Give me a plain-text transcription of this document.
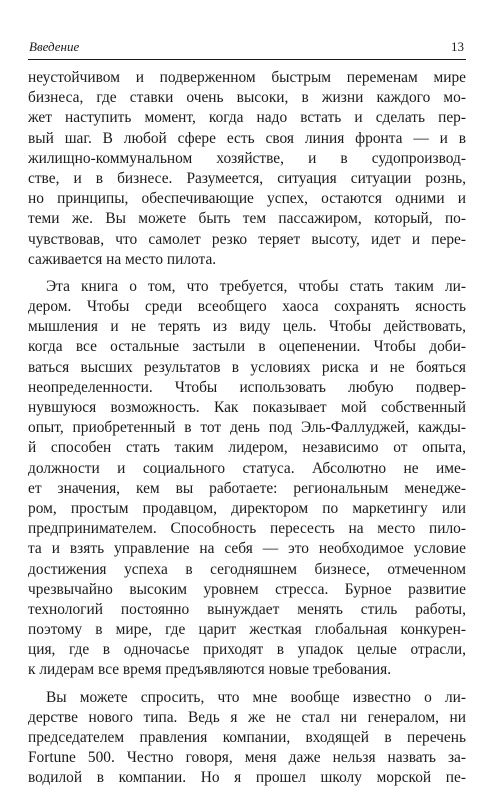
Введение	13

неустойчивом и подверженном быстрым переменам мире
бизнеса, где ставки очень высоки, в жизни каждого мо-
жет наступить момент, когда надо встать и сделать пер-
вый шаг. В любой сфере есть своя линия фронта — и в
жилищно-коммунальном хозяйстве, и в судопроизвод-
стве, и в бизнесе. Разумеется, ситуация ситуации рознь,
но принципы, обеспечивающие успех, остаются одними и
теми же. Вы можете быть тем пассажиром, который, по-
чувствовав, что самолет резко теряет высоту, идет и пере-
саживается на место пилота.

Эта книга о том, что требуется, чтобы стать таким ли-
дером. Чтобы среди всеобщего хаоса сохранять ясность
мышления и не терять из виду цель. Чтобы действовать,
когда все остальные застыли в оцепенении. Чтобы доби-
ваться высших результатов в условиях риска и не бояться
неопределенности. Чтобы использовать любую подвер-
нувшуюся возможность. Как показывает мой собственный
опыт, приобретенный в тот день под Эль-Фаллуджей, кажды-
й способен стать таким лидером, независимо от опыта,
должности и социального статуса. Абсолютно не име-
ет значения, кем вы работаете: региональным менедже-
ром, простым продавцом, директором по маркетингу или
предпринимателем. Способность пересесть на место пило-
та и взять управление на себя — это необходимое условие
достижения успеха в сегодняшнем бизнесе, отмеченном
чрезвычайно высоким уровнем стресса. Бурное развитие
технологий постоянно вынуждает менять стиль работы,
поэтому в мире, где царит жесткая глобальная конкурен-
ция, где в одночасье приходят в упадок целые отрасли,
к лидерам все время предъявляются новые требования.

Вы можете спросить, что мне вообще известно о ли-
дерстве нового типа. Ведь я же не стал ни генералом, ни
председателем правления компании, входящей в перечень
Fortune 500. Честно говоря, меня даже нельзя назвать за-
водилой в компании. Но я прошел школу морской пе-
